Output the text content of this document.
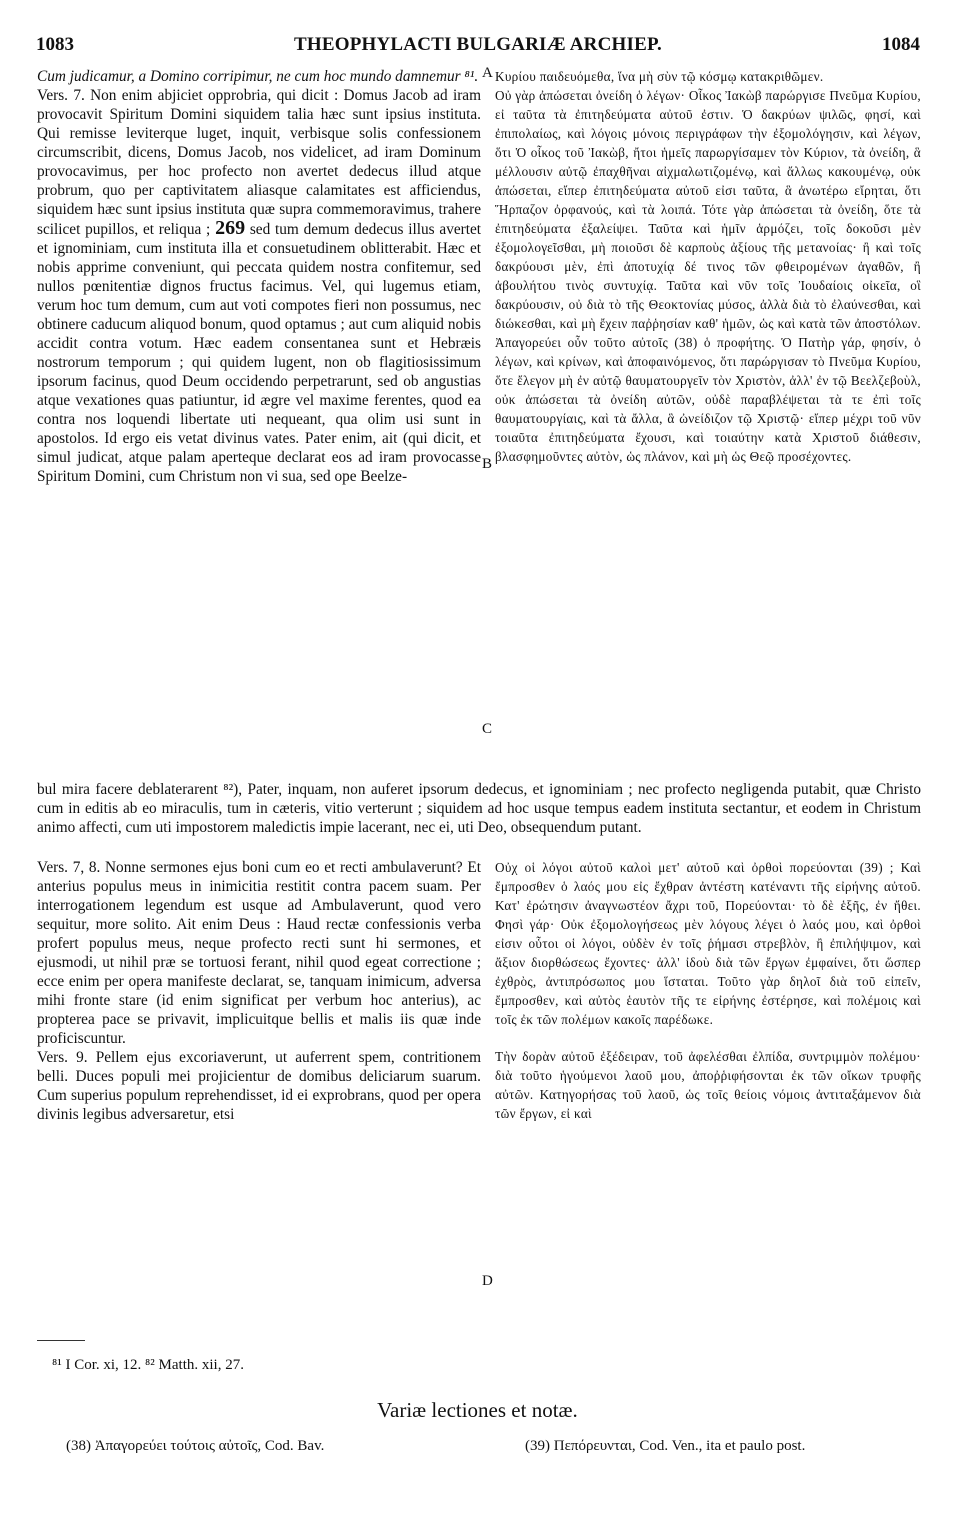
1083	THEOPHYLACTI BULGARIÆ ARCHIEP.	1084
A
B
C
D

Cum judicamur, a Domino corripimur, ne cum hoc mundo damnemur ⁸¹.

Vers. 7. Non enim abjiciet opprobria, qui dicit : Domus Jacob ad iram provocavit Spiritum Domini siquidem talia hæc sunt ipsius instituta. Qui remisse leviterque luget, inquit, verbisque solis confessionem circumscribit, dicens, Domus Jacob, nos videlicet, ad iram Dominum provocavimus, per hoc profecto non avertet dedecus illud atque probrum, quo per captivitatem aliasque calamitates est afficiendus, siquidem hæc sunt ipsius instituta quæ supra commemoravimus, trahere scilicet pupillos, et reliqua ; 269 sed tum demum dedecus illus avertet et ignominiam, cum instituta illa et consuetudinem oblitterabit. Hæc et nobis apprime conveniunt, qui peccata quidem nostra confitemur, sed nullos pœnitentiæ dignos fructus facimus. Vel, qui lugemus etiam, verum hoc tum demum, cum aut voti compotes fieri non possumus, nec obtinere caducum aliquod bonum, quod optamus ; aut cum aliquid nobis accidit contra votum. Hæc eadem consentanea sunt et Hebræis nostrorum temporum ; qui quidem lugent, non ob flagitiosissimum ipsorum facinus, quod Deum occidendo perpetrarunt, sed ob angustias atque vexationes quas patiuntur, id ægre vel maxime ferentes, quod ea contra nos loquendi libertate uti nequeant, qua olim usi sunt in apostolos. Id ergo eis vetat divinus vates. Pater enim, ait (qui dicit, et simul judicat, atque palam aperteque declarat eos ad iram provocasse Spiritum Domini, cum Christum non vi sua, sed ope Beelze-

Κυρίου παιδευόμεθα, ἵνα μὴ σὺν τῷ κόσμῳ κατακριθῶμεν.

Οὐ γὰρ ἀπώσεται ὀνείδη ὁ λέγων· Οἶκος Ἰακὼβ παρώργισε Πνεῦμα Κυρίου, εἰ ταῦτα τὰ ἐπιτηδεύματα αὐτοῦ ἐστιν. Ὁ δακρύων ψιλῶς, φησί, καὶ ἐπιπολαίως, καὶ λόγοις μόνοις περιγράφων τὴν ἐξομολόγησιν, καὶ λέγων, ὅτι Ὁ οἶκος τοῦ Ἰακὼβ, ἤτοι ἡμεῖς παρωργίσαμεν τὸν Κύριον, τὰ ὀνείδη, ἃ μέλλουσιν αὐτῷ ἐπαχθῆναι αἰχμαλωτιζομένῳ, καὶ ἄλλως κακουμένῳ, οὐκ ἀπώσεται, εἴπερ ἐπιτηδεύματα αὐτοῦ εἰσι ταῦτα, ἃ ἀνωτέρω εἴρηται, ὅτι Ἥρπαζον ὀρφανούς, καὶ τὰ λοιπά. Τότε γὰρ ἀπώσεται τὰ ὀνείδη, ὅτε τὰ ἐπιτηδεύματα ἐξαλείψει. Ταῦτα καὶ ἡμῖν ἁρμόζει, τοῖς δοκοῦσι μὲν ἐξομολογεῖσθαι, μὴ ποιοῦσι δὲ καρποὺς ἀξίους τῆς μετανοίας· ἢ καὶ τοῖς δακρύουσι μὲν, ἐπὶ ἀποτυχίᾳ δέ τινος τῶν φθειρομένων ἀγαθῶν, ἢ ἀβουλήτου τινὸς συντυχίᾳ. Ταῦτα καὶ νῦν τοῖς Ἰουδαίοις οἰκεῖα, οἳ δακρύουσιν, οὐ διὰ τὸ τῆς Θεοκτονίας μύσος, ἀλλὰ διὰ τὸ ἐλαύνεσθαι, καὶ διώκεσθαι, καὶ μὴ ἔχειν παῤῥησίαν καθ' ἡμῶν, ὡς καὶ κατὰ τῶν ἀποστόλων. Ἀπαγορεύει οὖν τοῦτο αὐτοῖς (38) ὁ προφήτης. Ὁ Πατὴρ γάρ, φησίν, ὁ λέγων, καὶ κρίνων, καὶ ἀποφαινόμενος, ὅτι παρώργισαν τὸ Πνεῦμα Κυρίου, ὅτε ἔλεγον μὴ ἐν αὐτῷ θαυματουργεῖν τὸν Χριστὸν, ἀλλ' ἐν τῷ Βεελζεβοὺλ, οὐκ ἀπώσεται τὰ ὀνείδη αὐτῶν, οὐδὲ παραβλέψεται τὰ τε ἐπὶ τοῖς θαυματουργίαις, καὶ τὰ ἄλλα, ἃ ὠνείδιζον τῷ Χριστῷ· εἴπερ μέχρι τοῦ νῦν τοιαῦτα ἐπιτηδεύματα ἔχουσι, καὶ τοιαύτην κατὰ Χριστοῦ διάθεσιν, βλασφημοῦντες αὐτὸν, ὡς πλάνον, καὶ μὴ ὡς Θεῷ προσέχοντες.

bul mira facere deblaterarent ⁸²), Pater, inquam, non auferet ipsorum dedecus, et ignominiam ; nec profecto negligenda putabit, quæ Christo cum in editis ab eo miraculis, tum in cæteris, vitio verterunt ; siquidem ad hoc usque tempus eadem instituta sectantur, et eodem in Christum animo affecti, cum uti impostorem maledictis impie lacerant, nec ei, uti Deo, obsequendum putant.

Vers. 7, 8. Nonne sermones ejus boni cum eo et recti ambulaverunt? Et anterius populus meus in inimicitia restitit contra pacem suam. Per interrogationem legendum est usque ad Ambulaverunt, quod vero sequitur, more solito. Ait enim Deus : Haud rectæ confessionis verba profert populus meus, neque profecto recti sunt hi sermones, et ejusmodi, ut nihil præ se tortuosi ferant, nihil quod egeat correctione ; ecce enim per opera manifeste declarat, se, tanquam inimicum, adversa mihi fronte stare (id enim significat per verbum hoc anterius), ac propterea pace se privavit, implicuitque bellis et malis iis quæ inde proficiscuntur.

Vers. 9. Pellem ejus excoriaverunt, ut auferrent spem, contritionem belli. Duces populi mei projicientur de domibus deliciarum suarum. Cum superius populum reprehendisset, id ei exprobrans, quod per opera divinis legibus adversaretur, etsi

Οὐχ οἱ λόγοι αὐτοῦ καλοὶ μετ' αὐτοῦ καὶ ὀρθοὶ πορεύονται (39) ; Καὶ ἔμπροσθεν ὁ λαός μου εἰς ἔχθραν ἀντέστη κατέναντι τῆς εἰρήνης αὐτοῦ. Κατ' ἐρώτησιν ἀναγνωστέον ἄχρι τοῦ, Πορεύονται· τὸ δὲ ἑξῆς, ἐν ἤθει. Φησὶ γάρ· Οὐκ ἐξομολογήσεως μὲν λόγους λέγει ὁ λαός μου, καὶ ὀρθοὶ εἰσιν οὗτοι οἱ λόγοι, οὐδὲν ἐν τοῖς ῥήμασι στρεβλὸν, ἢ ἐπιλήψιμον, καὶ ἄξιον διορθώσεως ἔχοντες· ἀλλ' ἰδοὺ διὰ τῶν ἔργων ἐμφαίνει, ὅτι ὥσπερ ἐχθρὸς, ἀντιπρόσωπος μου ἵσταται. Τοῦτο γὰρ δηλοῖ διὰ τοῦ εἰπεῖν, ἔμπροσθεν, καὶ αὐτὸς ἑαυτὸν τῆς τε εἰρήνης ἐστέρησε, καὶ πολέμοις καὶ τοῖς ἐκ τῶν πολέμων κακοῖς παρέδωκε.

Τὴν δορὰν αὐτοῦ ἐξέδειραν, τοῦ ἀφελέσθαι ἐλπίδα, συντριμμὸν πολέμου· διὰ τοῦτο ἡγούμενοι λαοῦ μου, ἀποῤῥιφήσονται ἐκ τῶν οἴκων τρυφῆς αὐτῶν. Κατηγορήσας τοῦ λαοῦ, ὡς τοῖς θείοις νόμοις ἀντιταξάμενον διὰ τῶν ἔργων, εἰ καὶ

⁸¹ I Cor. xi, 12. ⁸² Matth. xii, 27.
Variæ lectiones et notæ.
(38) Ἀπαγορεύει τούτοις αὐτοῖς, Cod. Bav.	(39) Πεπόρευνται, Cod. Ven., ita et paulo post.
